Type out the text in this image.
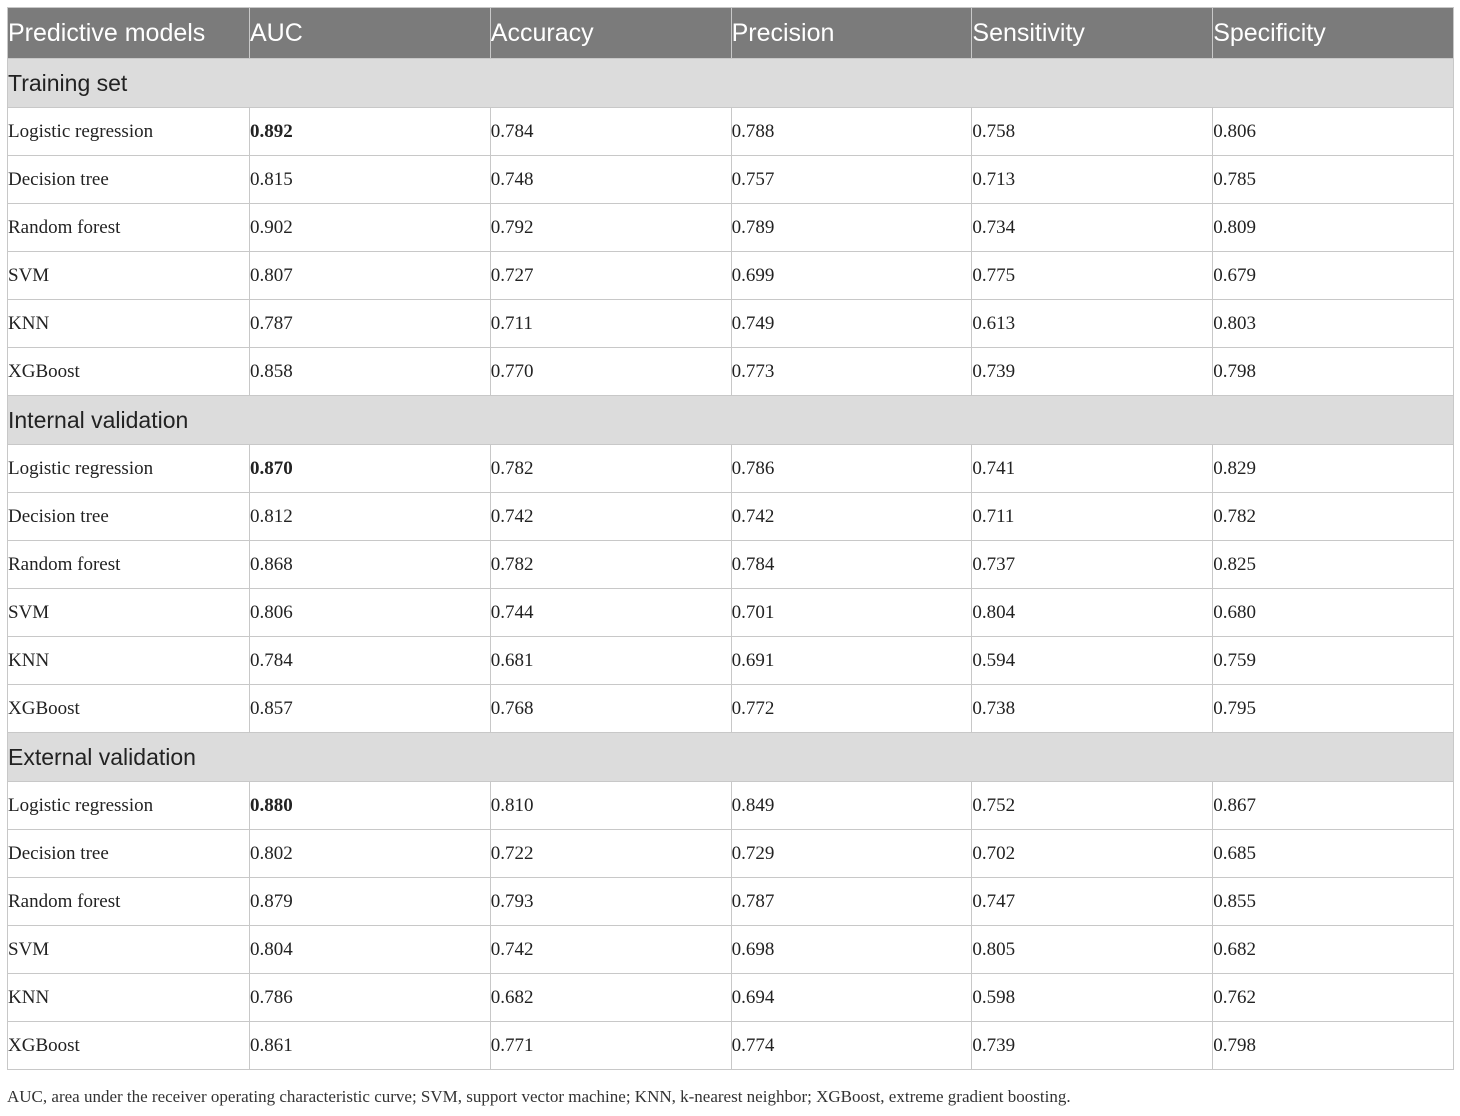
Predictive models	AUC	Accuracy	Precision	Sensitivity	Specificity
Training set					
Logistic regression	0.892	0.784	0.788	0.758	0.806
Decision tree	0.815	0.748	0.757	0.713	0.785
Random forest	0.902	0.792	0.789	0.734	0.809
SVM	0.807	0.727	0.699	0.775	0.679
KNN	0.787	0.711	0.749	0.613	0.803
XGBoost	0.858	0.770	0.773	0.739	0.798
Internal validation					
Logistic regression	0.870	0.782	0.786	0.741	0.829
Decision tree	0.812	0.742	0.742	0.711	0.782
Random forest	0.868	0.782	0.784	0.737	0.825
SVM	0.806	0.744	0.701	0.804	0.680
KNN	0.784	0.681	0.691	0.594	0.759
XGBoost	0.857	0.768	0.772	0.738	0.795
External validation					
Logistic regression	0.880	0.810	0.849	0.752	0.867
Decision tree	0.802	0.722	0.729	0.702	0.685
Random forest	0.879	0.793	0.787	0.747	0.855
SVM	0.804	0.742	0.698	0.805	0.682
KNN	0.786	0.682	0.694	0.598	0.762
XGBoost	0.861	0.771	0.774	0.739	0.798
AUC, area under the receiver operating characteristic curve; SVM, support vector machine; KNN, k-nearest neighbor; XGBoost, extreme gradient boosting.
